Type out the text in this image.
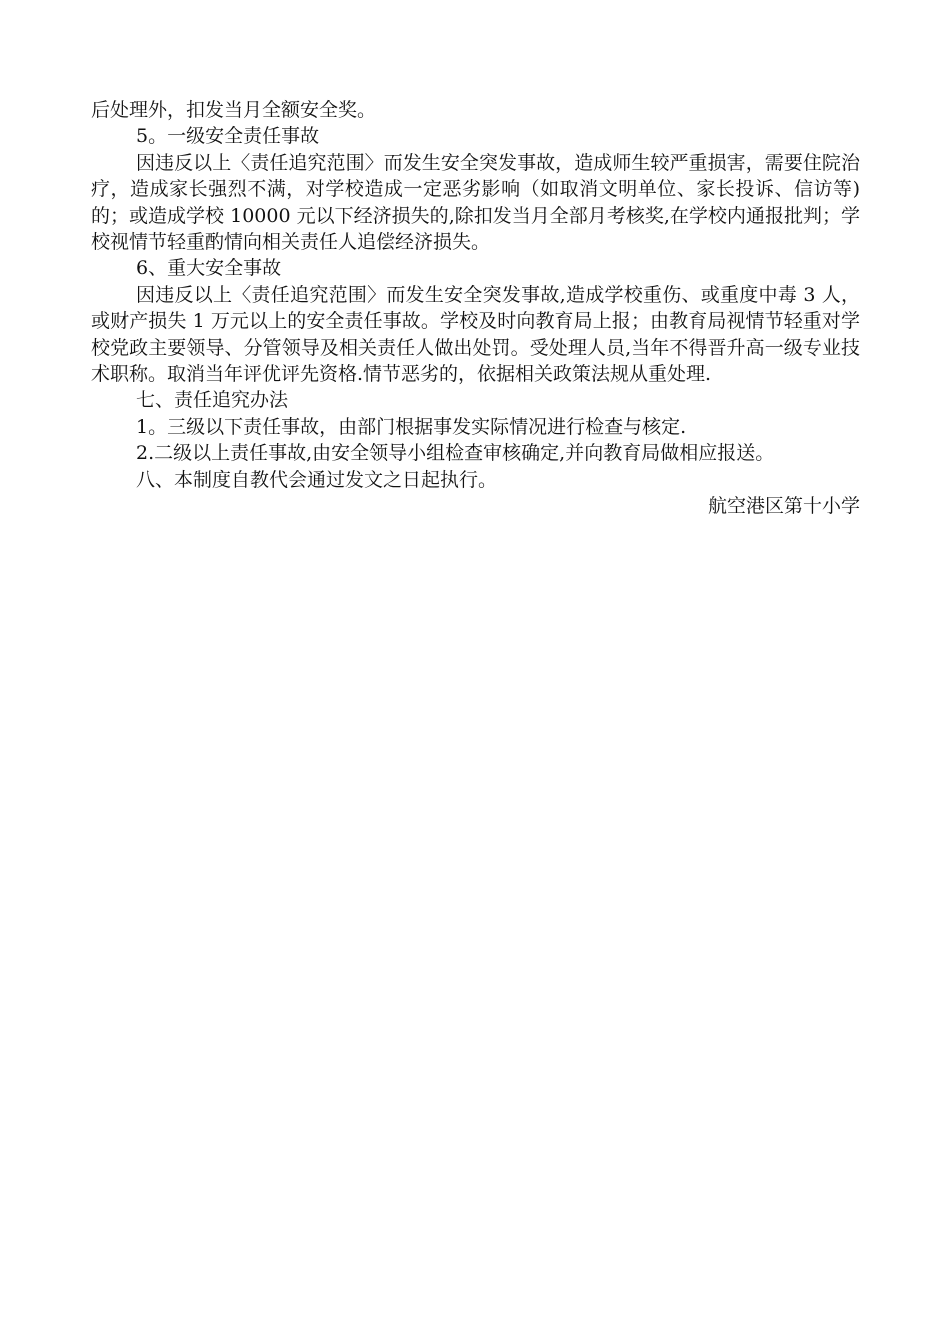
后处理外，扣发当月全额安全奖。

5。一级安全责任事故

因违反以上〈责任追究范围〉而发生安全突发事故，造成师生较严重损害，需要住院治疗，造成家长强烈不满，对学校造成一定恶劣影响（如取消文明单位、家长投诉、信访等)的；或造成学校 10000 元以下经济损失的,除扣发当月全部月考核奖,在学校内通报批判；学校视情节轻重酌情向相关责任人追偿经济损失。

6、重大安全事故

因违反以上〈责任追究范围〉而发生安全突发事故,造成学校重伤、或重度中毒 3 人，或财产损失 1 万元以上的安全责任事故。学校及时向教育局上报；由教育局视情节轻重对学校党政主要领导、分管领导及相关责任人做出处罚。受处理人员,当年不得晋升高一级专业技术职称。取消当年评优评先资格.情节恶劣的，依据相关政策法规从重处理.

七、责任追究办法

1。三级以下责任事故，由部门根据事发实际情况进行检查与核定.

2.二级以上责任事故,由安全领导小组检查审核确定,并向教育局做相应报送。

八、本制度自教代会通过发文之日起执行。

航空港区第十小学
